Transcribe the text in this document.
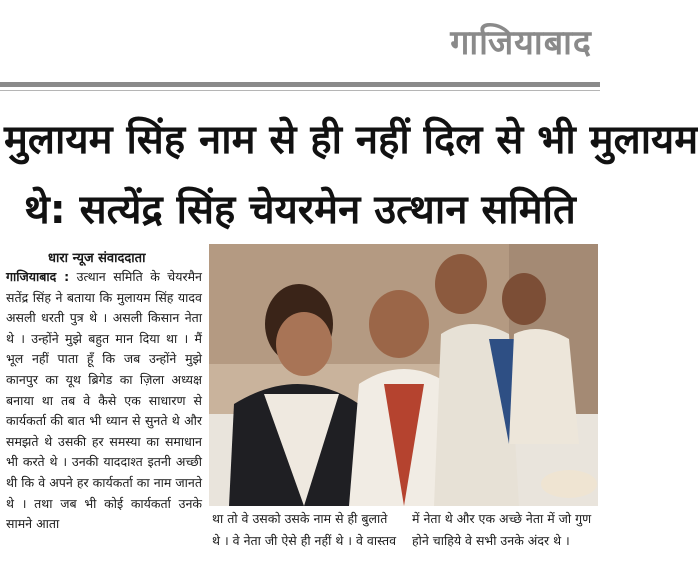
गाजियाबाद
मुलायम सिंह नाम से ही नहीं दिल से भी मुलायम
थे: सत्येंद्र सिंह चेयरमेन उत्थान समिति
धारा न्यूज संवाददाता
गाजियाबाद : उत्थान समिति के चेयरमैन सतेंद्र सिंह ने बताया कि मुलायम सिंह यादव असली धरती पुत्र थे । असली किसान नेता थे । उन्होंने मुझे बहुत मान दिया था । मैं भूल नहीं पाता हूँ कि जब उन्होंने मुझे कानपुर का यूथ ब्रिगेड का ज़िला अध्यक्ष बनाया था तब वे कैसे एक साधारण से कार्यकर्ता की बात भी ध्यान से सुनते थे और समझते थे उसकी हर समस्या का समाधान भी करते थे । उनकी याददाश्त इतनी अच्छी थी कि वे अपने हर कार्यकर्ता का नाम जानते थे । तथा जब भी कोई कार्यकर्ता उनके सामने आता	था तो वे उसको उसके नाम से ही बुलाते
थे । वे नेता जी ऐसे ही नहीं थे । वे वास्तव
में नेता थे और एक अच्छे नेता में जो गुण
होने चाहिये वे सभी उनके अंदर थे ।
